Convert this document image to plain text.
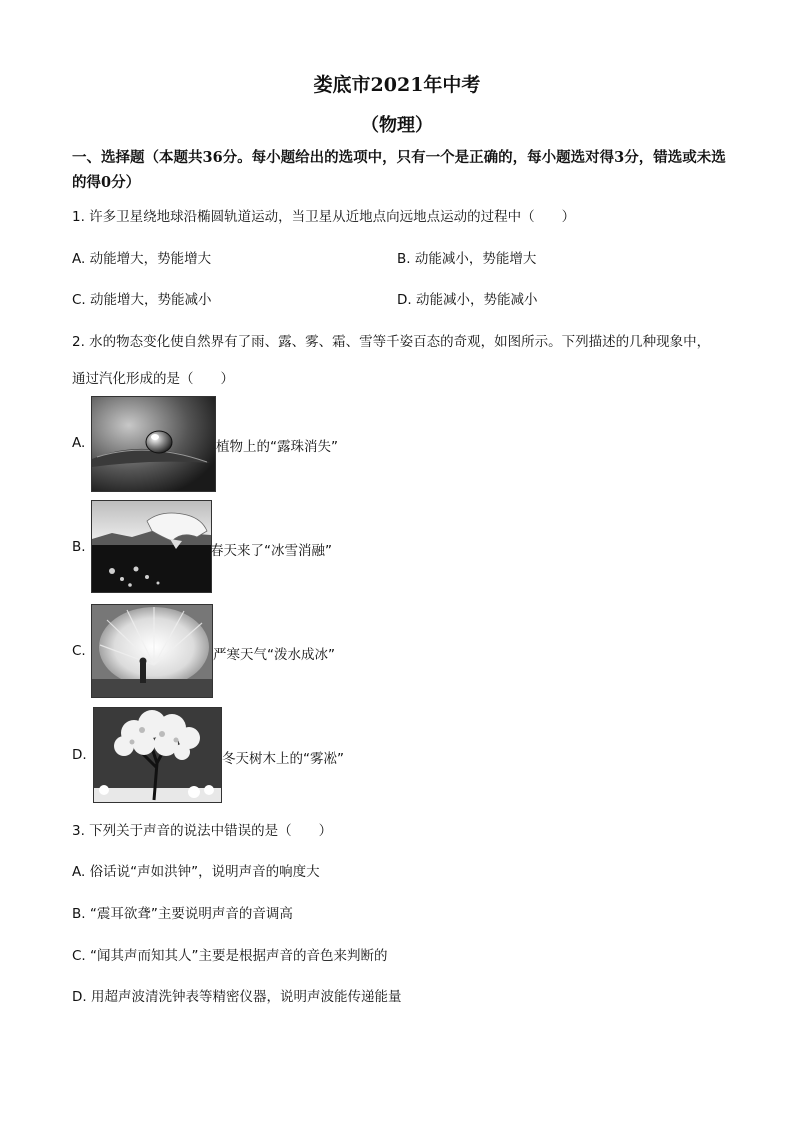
娄底市2021年中考
（物理）
一、选择题（本题共36分。每小题给出的选项中，只有一个是正确的，每小题选对得3分，错选或未选的得0分）
1. 许多卫星绕地球沿椭圆轨道运动，当卫星从近地点向远地点运动的过程中（　　）
A. 动能增大，势能增大	B. 动能减小，势能增大
C. 动能增大，势能减小	D. 动能减小，势能减小
2. 水的物态变化使自然界有了雨、露、雾、霜、雪等千姿百态的奇观，如图所示。下列描述的几种现象中，
通过汽化形成的是（　　）
A.	植物上的“露珠消失”
B.	春天来了“冰雪消融”
C.	严寒天气“泼水成冰”
D.	冬天树木上的“雾凇”
3. 下列关于声音的说法中错误的是（　　）
A. 俗话说“声如洪钟”，说明声音的响度大
B. “震耳欲聋”主要说明声音的音调高
C. “闻其声而知其人”主要是根据声音的音色来判断的
D. 用超声波清洗钟表等精密仪器，说明声波能传递能量
